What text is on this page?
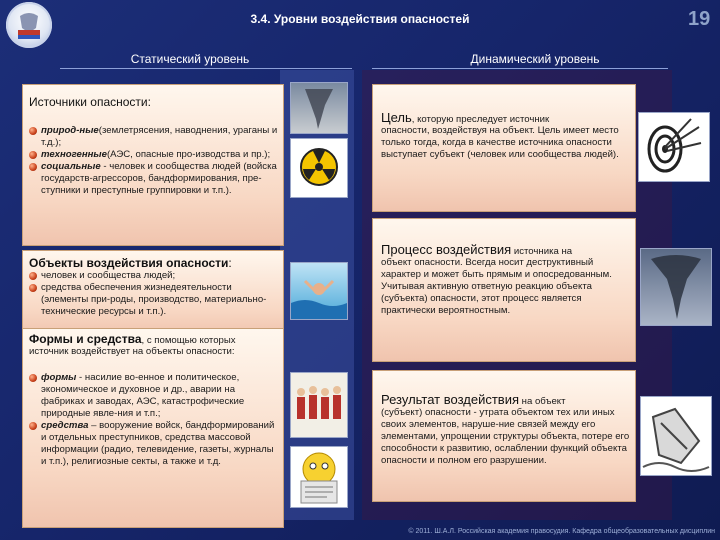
3.4. Уровни воздействия опасностей	19
Статический уровень	Динамический уровень
Источники опасности:
природ-ные(землетрясения, наводнения, ураганы и т.д.);
техногенные(АЭС, опасные про-изводства и пр.);
социальные - человек и сообщества людей (войска государств-агрессоров, бандформирования, пре-ступники и преступные группировки и т.п.).
Объекты воздействия опасности:
человек и сообщества людей;
средства обеспечения жизнедеятельности (элементы при-роды, производство, материально-технические ресурсы и т.п.).
Формы и средства, с помощью которых
источник воздействует на объекты опасности:
формы - насилие во-енное и политическое, экономическое и духовное и др., аварии на фабриках и заводах, АЭС, катастрофические природные явле-ния и т.п.;
средства – вооружение войск, бандформирований и отдельных преступников, средства массовой информации (радио, телевидение, газеты, журналы и т.п.), религиозные секты, а также и т.д.
Цель, которую преследует источник
опасности, воздействуя на объект. Цель имеет место только тогда, когда в качестве источника опасности выступает субъект (человек или сообщества людей).
Процесс воздействия источника на
объект опасности. Всегда носит деструктивный характер и может быть прямым и опосредованным. Учитывая активную ответную реакцию объекта (субъекта) опасности, этот процесс является практически вероятностным.
Результат воздействия на объект
(субъект) опасности - утрата объектом тех или иных своих элементов, наруше-ние связей между его элементами, упрощении структуры объекта, потере его способности к развитию, ослаблении функций объекта опасности и полном его разрушении.
© 2011. Ш.А.Л. Российская академия правосудия. Кафедра общеобразовательных дисциплин
